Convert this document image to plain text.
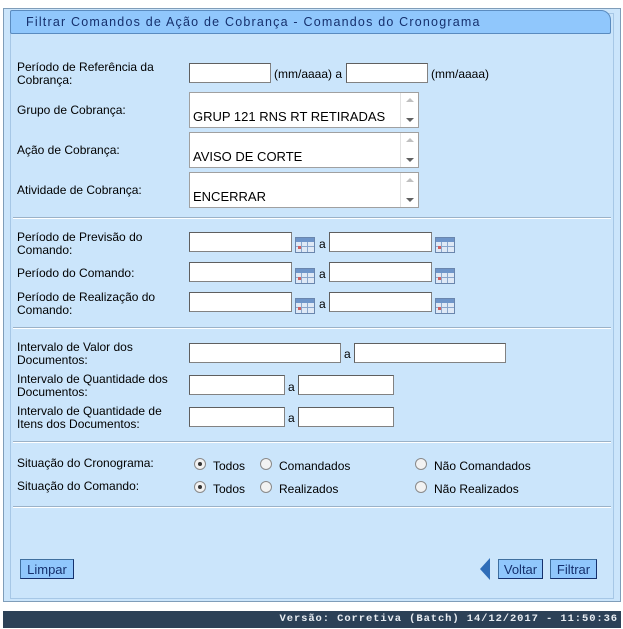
Filtrar Comandos de Ação de Cobrança - Comandos do Cronograma
Período de Referência da
Cobrança:	(mm/aaaa) a	(mm/aaaa)
Grupo de Cobrança:	GRUP 121 RNS RT RETIRADAS
Ação de Cobrança:	AVISO DE CORTE
Atividade de Cobrança:	ENCERRAR
Período de Previsão do
Comando:	a
Período do Comando:	a
Período de Realização do
Comando:	a
Intervalo de Valor dos
Documentos:	a
Intervalo de Quantidade dos
Documentos:	a
Intervalo de Quantidade de
Itens dos Documentos:	a
Situação do Cronograma:	Todos	Comandados	Não Comandados
Situação do Comando:	Todos	Realizados	Não Realizados
Limpar	Voltar	Filtrar
Versão: Corretiva (Batch) 14/12/2017 - 11:50:36
